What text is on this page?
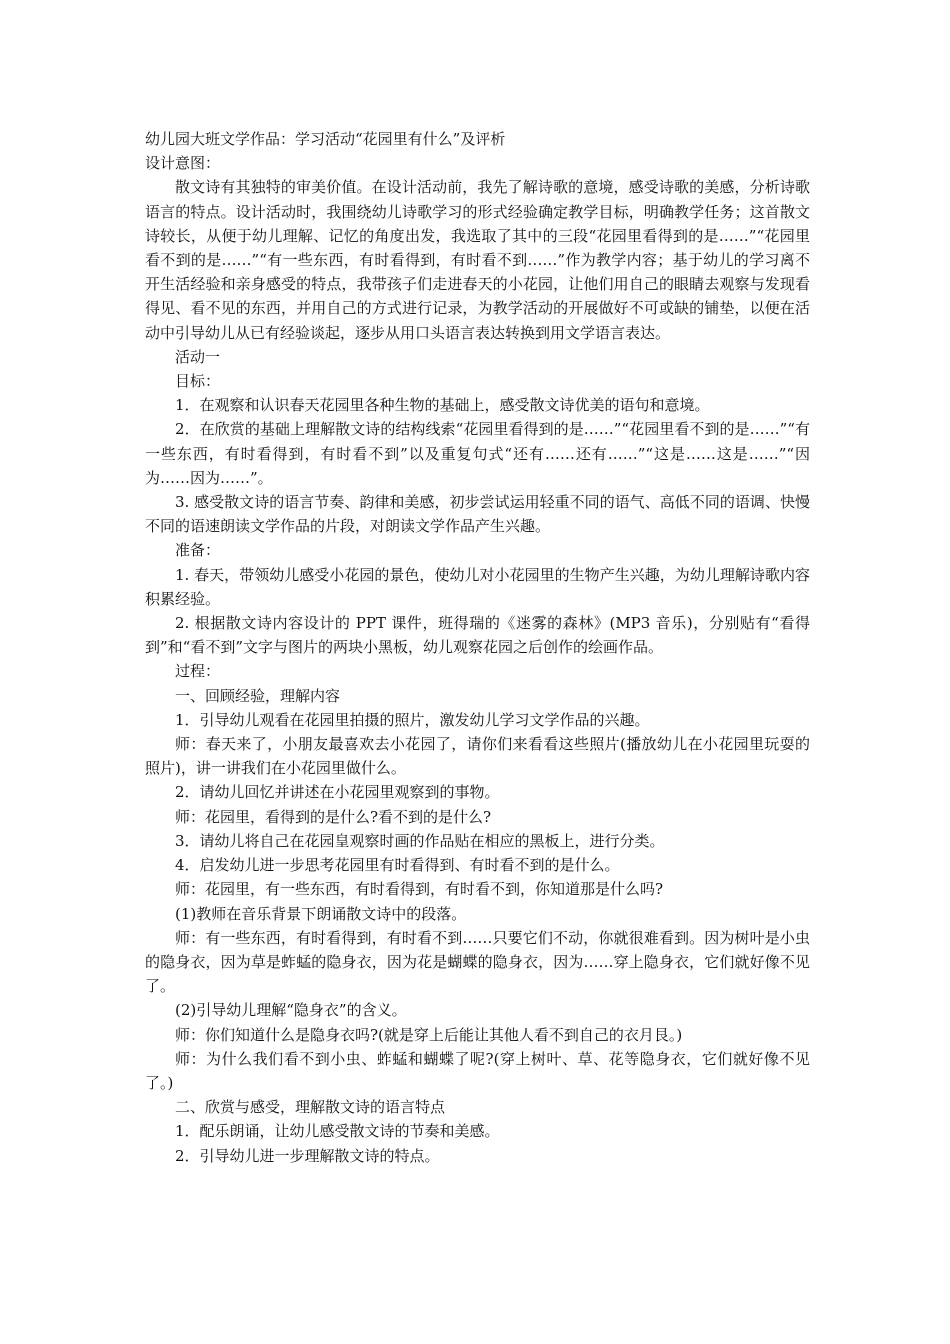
幼儿园大班文学作品：学习活动“花园里有什么”及评析

设计意图：

散文诗有其独特的审美价值。在设计活动前，我先了解诗歌的意境，感受诗歌的美感，分析诗歌语言的特点。设计活动时，我围绕幼儿诗歌学习的形式经验确定教学目标，明确教学任务；这首散文诗较长，从便于幼儿理解、记忆的角度出发，我选取了其中的三段“花园里看得到的是……”“花园里看不到的是……”“有一些东西，有时看得到，有时看不到……”作为教学内容；基于幼儿的学习离不开生活经验和亲身感受的特点，我带孩子们走进春天的小花园，让他们用自己的眼睛去观察与发现看得见、看不见的东西，并用自己的方式进行记录，为教学活动的开展做好不可或缺的铺垫，以便在活动中引导幼儿从已有经验谈起，逐步从用口头语言表达转换到用文学语言表达。

活动一

目标：

1．在观察和认识春天花园里各种生物的基础上，感受散文诗优美的语句和意境。

2．在欣赏的基础上理解散文诗的结构线索“花园里看得到的是……”“花园里看不到的是……”“有一些东西，有时看得到，有时看不到”以及重复句式“还有……还有……”“这是……这是……”“因为……因为……”。

3. 感受散文诗的语言节奏、韵律和美感，初步尝试运用轻重不同的语气、高低不同的语调、快慢不同的语速朗读文学作品的片段，对朗读文学作品产生兴趣。

准备：

1. 春天，带领幼儿感受小花园的景色，使幼儿对小花园里的生物产生兴趣，为幼儿理解诗歌内容积累经验。

2. 根据散文诗内容设计的 PPT 课件，班得瑞的《迷雾的森林》(MP3 音乐)，分别贴有“看得到”和“看不到”文字与图片的两块小黑板，幼儿观察花园之后创作的绘画作品。

过程：

一、回顾经验，理解内容

1．引导幼儿观看在花园里拍摄的照片，激发幼儿学习文学作品的兴趣。

师：春天来了，小朋友最喜欢去小花园了，请你们来看看这些照片(播放幼儿在小花园里玩耍的照片)，讲一讲我们在小花园里做什么。

2．请幼儿回忆并讲述在小花园里观察到的事物。

师：花园里，看得到的是什么?看不到的是什么?

3．请幼儿将自己在花园皇观察时画的作品贴在相应的黑板上，进行分类。

4．启发幼儿进一步思考花园里有时看得到、有时看不到的是什么。

师：花园里，有一些东西，有时看得到，有时看不到，你知道那是什么吗?

(1)教师在音乐背景下朗诵散文诗中的段落。

师：有一些东西，有时看得到，有时看不到……只要它们不动，你就很难看到。因为树叶是小虫的隐身衣，因为草是蚱蜢的隐身衣，因为花是蝴蝶的隐身衣，因为……穿上隐身衣，它们就好像不见了。

(2)引导幼儿理解“隐身衣”的含义。

师：你们知道什么是隐身衣吗?(就是穿上后能让其他人看不到自己的衣月艮。)

师：为什么我们看不到小虫、蚱蜢和蝴蝶了呢?(穿上树叶、草、花等隐身衣，它们就好像不见了。)

二、欣赏与感受，理解散文诗的语言特点

1．配乐朗诵，让幼儿感受散文诗的节奏和美感。

2．引导幼儿进一步理解散文诗的特点。
